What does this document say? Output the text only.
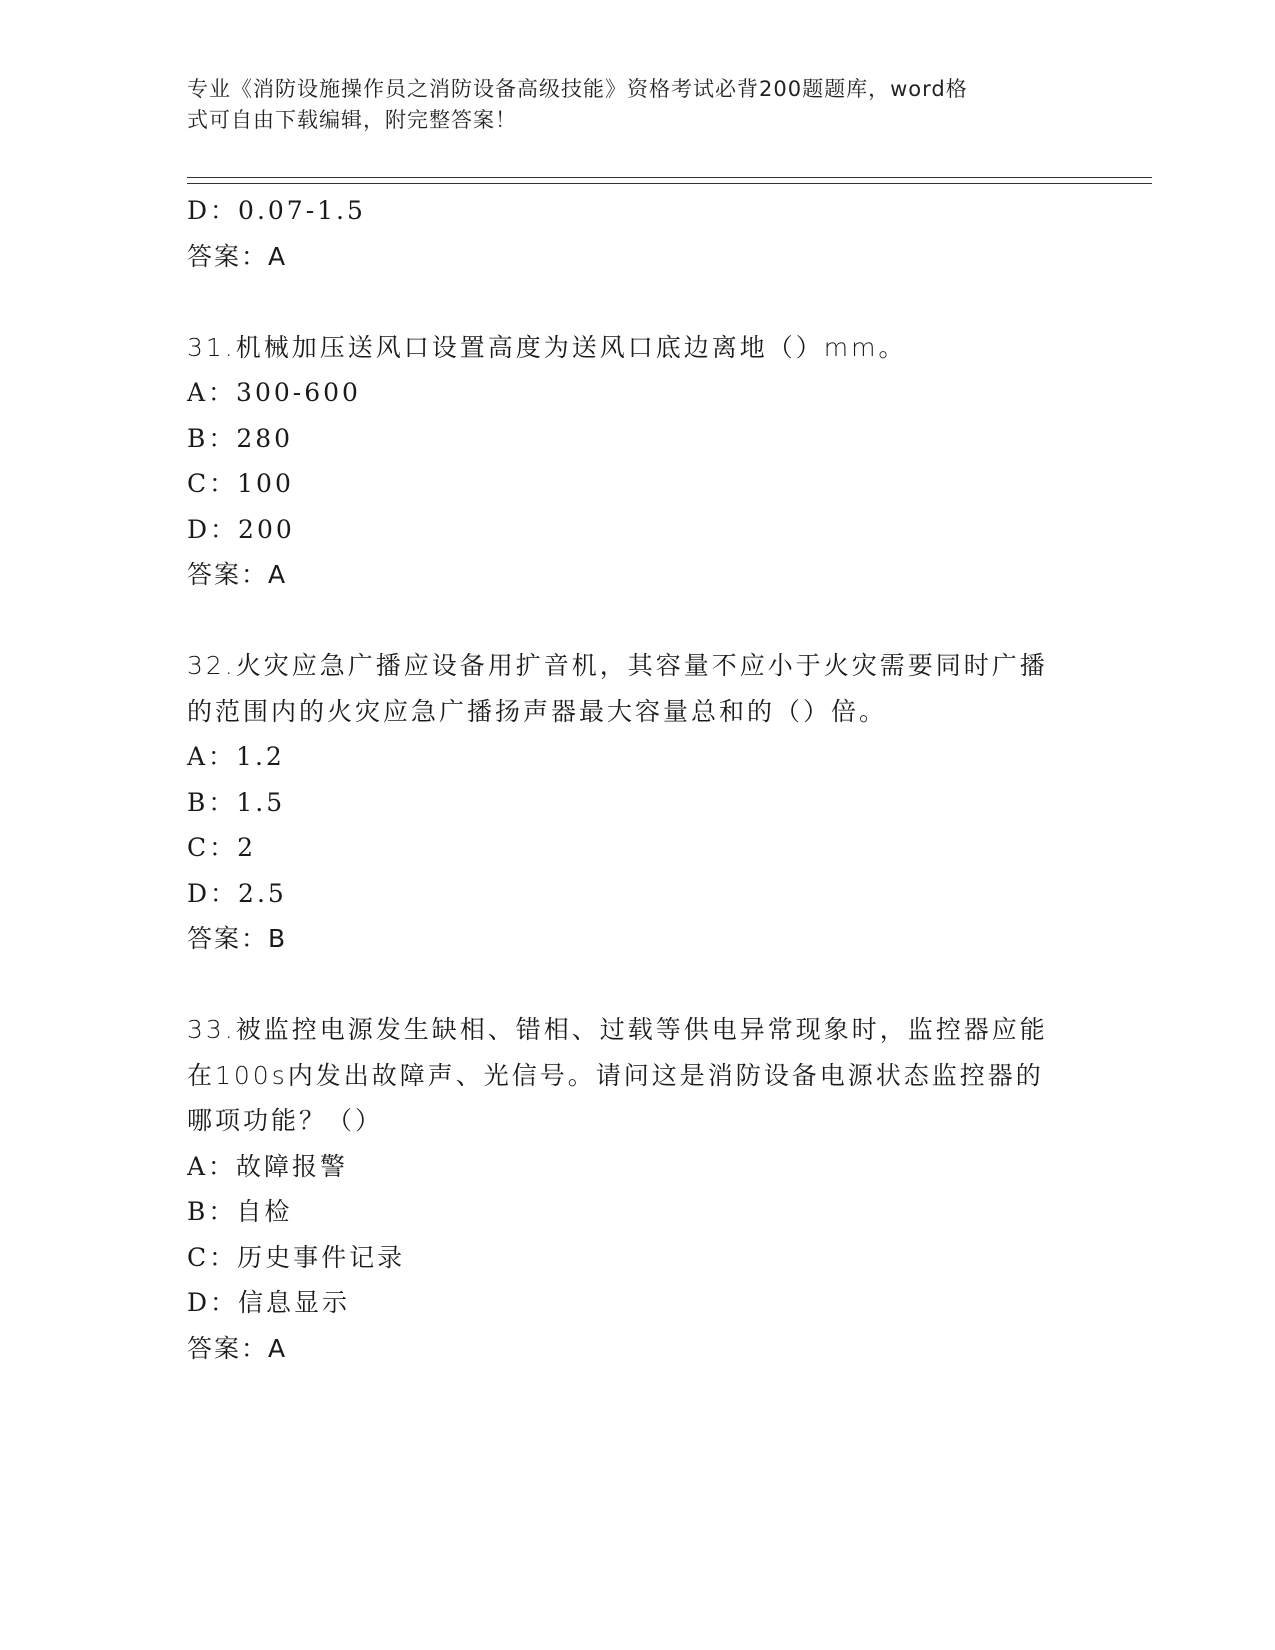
专业《消防设施操作员之消防设备高级技能》资格考试必背200题题库，word格
式可自由下载编辑，附完整答案！
D：0.07-1.5
答案：A
31.机械加压送风口设置高度为送风口底边离地（）mm。
A：300-600
B：280
C：100
D：200
答案：A
32.火灾应急广播应设备用扩音机，其容量不应小于火灾需要同时广播
的范围内的火灾应急广播扬声器最大容量总和的（）倍。
A：1.2
B：1.5
C：2
D：2.5
答案：B
33.被监控电源发生缺相、错相、过载等供电异常现象时，监控器应能
在100s内发出故障声、光信号。请问这是消防设备电源状态监控器的
哪项功能？（）
A：故障报警
B：自检
C：历史事件记录
D：信息显示
答案：A
